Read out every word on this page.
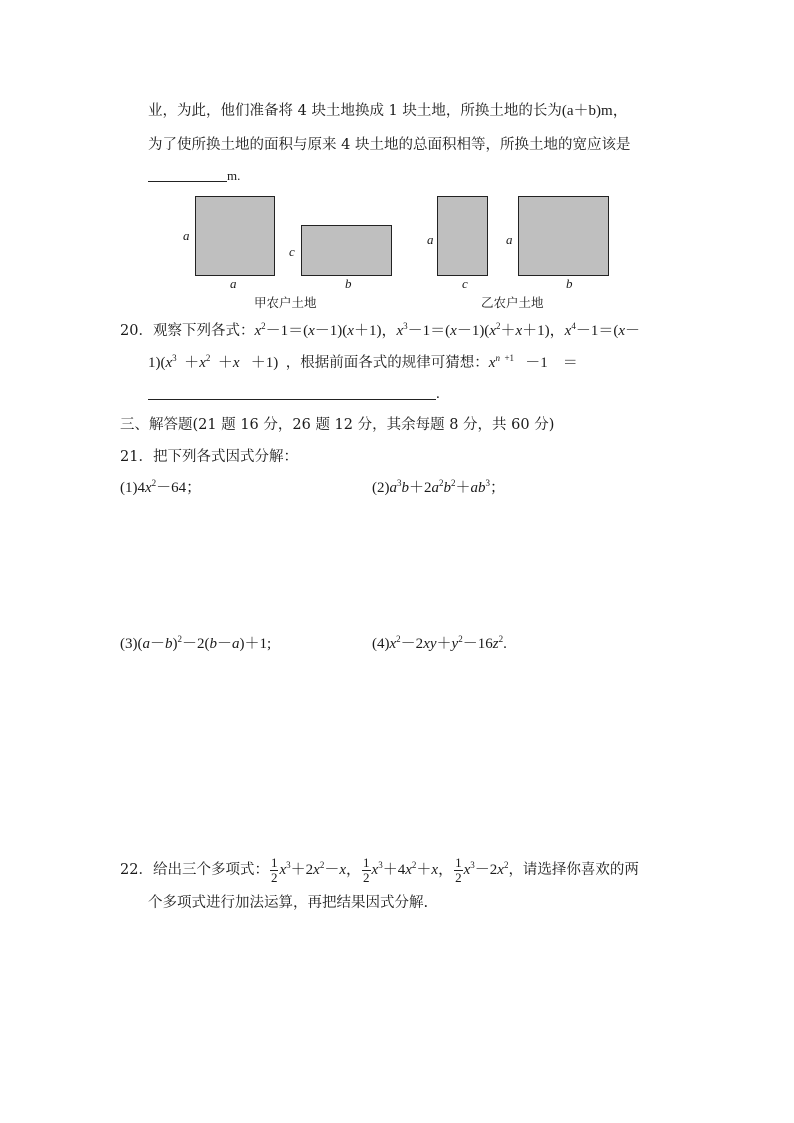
业，为此，他们准备将 4 块土地换成 1 块土地，所换土地的长为(a＋b)m，
为了使所换土地的面积与原来 4 块土地的总面积相等，所换土地的宽应该是
m.
a
a
c
b
甲农户土地
a
c
a
b
乙农户土地
20．观察下列各式：$x^2-1=(x-1)(x+1)$，$x^3-1=(x-1)(x^2+x+1)$，$x^4-1=(x-$
$1)(x^3 +x^2 +x +1)$  ，根据前面各式的规律可猜想：$x^{n +1} -1$    ＝
.
三、解答题(21 题 16 分，26 题 12 分，其余每题 8 分，共 60 分)
21．把下列各式因式分解：
$(1)4x^2-64$；	$(2)a^3b+2a^2b^2+ab^3$；
$(3)(a-b)^2-2(b-a)+1$;	$(4)x^2-2xy+y^2-16z^2$.
22．给出三个多项式： $\frac{1}{2} x^3+2x^2-x$， $\frac{1}{2} x^3+4x^2+x$， $\frac{1}{2} x^3-2x^2$，请选择你喜欢的两
个多项式进行加法运算，再把结果因式分解.
